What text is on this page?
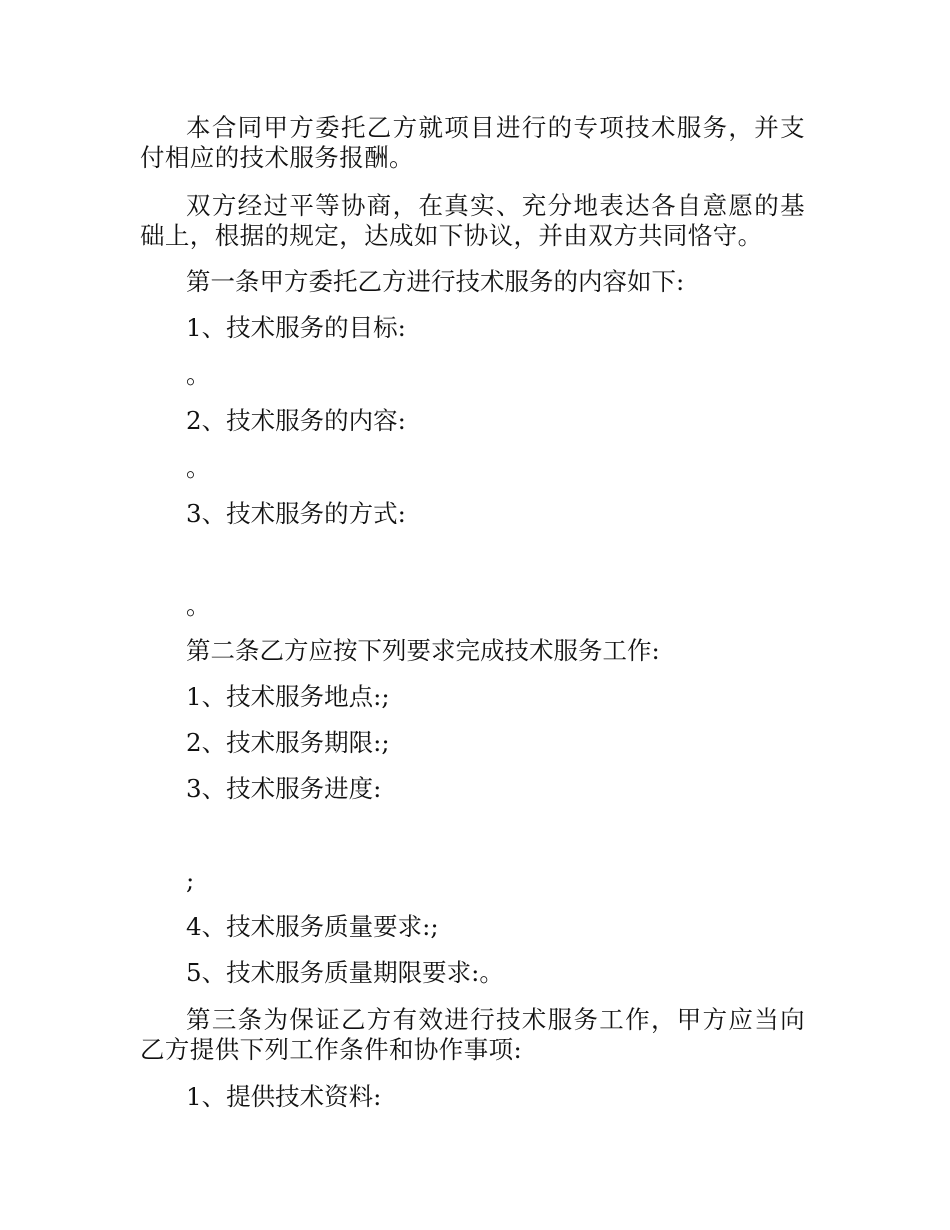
本合同甲方委托乙方就项目进行的专项技术服务，并支付相应的技术服务报酬。

双方经过平等协商，在真实、充分地表达各自意愿的基础上，根据的规定，达成如下协议，并由双方共同恪守。

第一条甲方委托乙方进行技术服务的内容如下:

1、技术服务的目标:

。

2、技术服务的内容:

。

3、技术服务的方式:

。

第二条乙方应按下列要求完成技术服务工作:

1、技术服务地点:;

2、技术服务期限:;

3、技术服务进度:

;

4、技术服务质量要求:;

5、技术服务质量期限要求:。

第三条为保证乙方有效进行技术服务工作，甲方应当向乙方提供下列工作条件和协作事项:

1、提供技术资料:
